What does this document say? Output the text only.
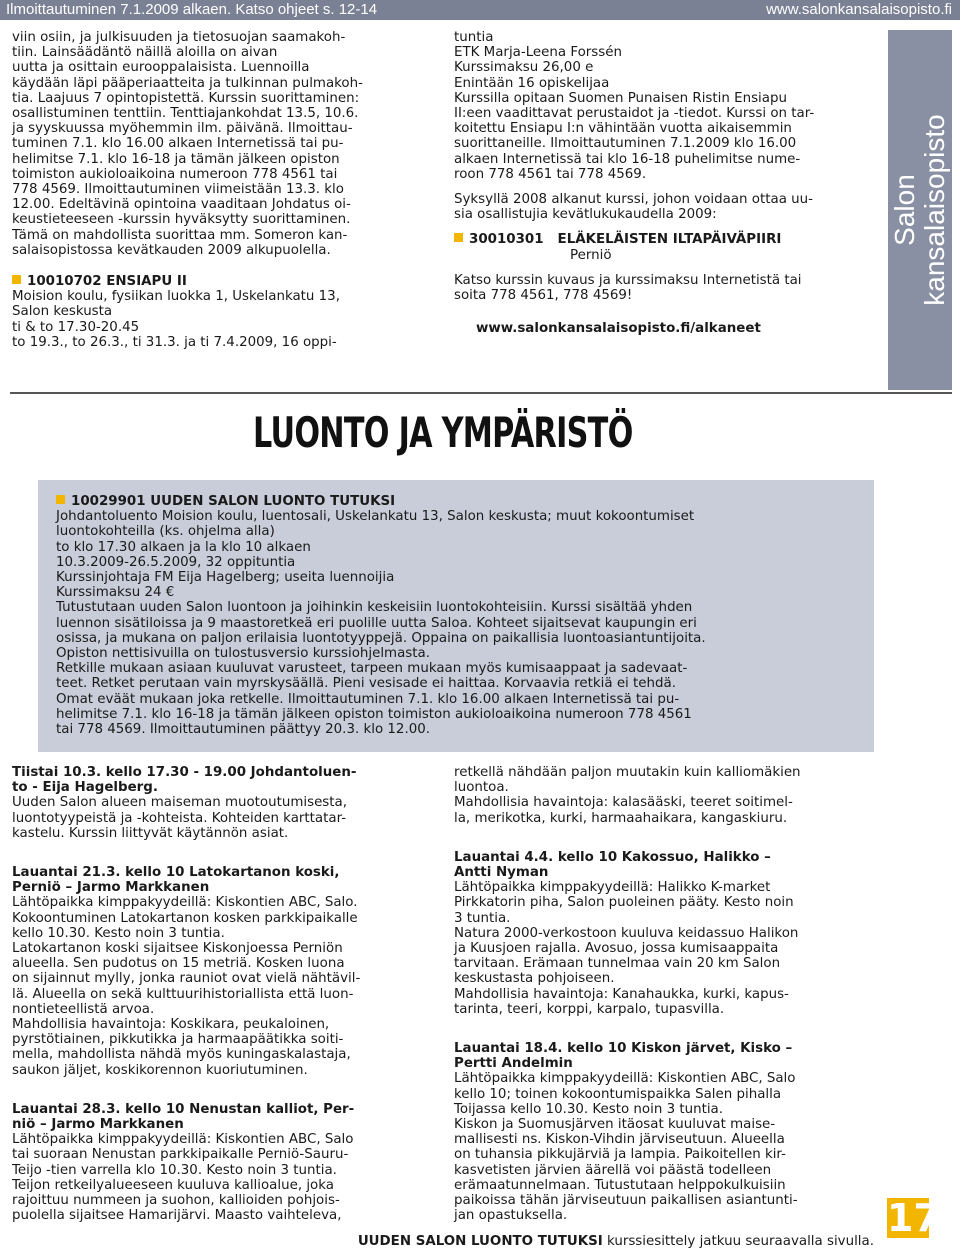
Ilmoittautuminen 7.1.2009 alkaen. Katso ohjeet s. 12-14	www.salonkansalaisopisto.fi
viin osiin, ja julkisuuden ja tietosuojan saamakoh-
tiin. Lainsäädäntö näillä aloilla on aivan
uutta ja osittain eurooppalaisista. Luennoilla
käydään läpi pääperiaatteita ja tulkinnan pulmakoh-
tia. Laajuus 7 opintopistettä. Kurssin suorittaminen:
osallistuminen tenttiin. Tenttiajankohdat 13.5, 10.6.
ja syyskuussa myöhemmin ilm. päivänä. Ilmoittau-
tuminen 7.1. klo 16.00 alkaen Internetissä tai pu-
helimitse 7.1. klo 16-18 ja tämän jälkeen opiston
toimiston aukioloaikoina numeroon 778 4561 tai
778 4569. Ilmoittautuminen viimeistään 13.3. klo
12.00. Edeltävinä opintoina vaaditaan Johdatus oi-
keustieteeseen -kurssin hyväksytty suorittaminen.
Tämä on mahdollista suorittaa mm. Someron kan-
salaisopistossa kevätkauden 2009 alkupuolella.
10010702 ENSIAPU II
Moision koulu, fysiikan luokka 1, Uskelankatu 13,
Salon keskusta
ti & to 17.30-20.45
to 19.3., to 26.3., ti 31.3. ja ti 7.4.2009, 16 oppi-
tuntia
ETK Marja-Leena Forssén
Kurssimaksu 26,00 e
Enintään 16 opiskelijaa
Kurssilla opitaan Suomen Punaisen Ristin Ensiapu
II:een vaadittavat perustaidot ja -tiedot. Kurssi on tar-
koitettu Ensiapu I:n vähintään vuotta aikaisemmin
suorittaneille. Ilmoittautuminen 7.1.2009 klo 16.00
alkaen Internetissä tai klo 16-18 puhelimitse nume-
roon 778 4561 tai 778 4569.
Syksyllä 2008 alkanut kurssi, johon voidaan ottaa uu-
sia osallistujia kevätlukukaudella 2009:
30010301 ELÄKELÄISTEN ILTAPÄIVÄPIIRI
Perniö
Katso kurssin kuvaus ja kurssimaksu Internetistä tai
soita 778 4561, 778 4569!
www.salonkansalaisopisto.fi/alkaneet
Salon kansalaisopisto
LUONTO JA YMPÄRISTÖ
10029901 UUDEN SALON LUONTO TUTUKSI
Johdantoluento Moision koulu, luentosali, Uskelankatu 13, Salon keskusta; muut kokoontumiset
luontokohteilla (ks. ohjelma alla)
to klo 17.30 alkaen ja la klo 10 alkaen
10.3.2009-26.5.2009, 32 oppituntia
Kurssinjohtaja FM Eija Hagelberg; useita luennoijia
Kurssimaksu 24 €
Tutustutaan uuden Salon luontoon ja joihinkin keskeisiin luontokohteisiin. Kurssi sisältää yhden
luennon sisätiloissa ja 9 maastoretkeä eri puolille uutta Saloa. Kohteet sijaitsevat kaupungin eri
osissa, ja mukana on paljon erilaisia luontotyyppejä. Oppaina on paikallisia luontoasiantuntijoita.
Opiston nettisivuilla on tulostusversio kurssiohjelmasta.
Retkille mukaan asiaan kuuluvat varusteet, tarpeen mukaan myös kumisaappaat ja sadevaat-
teet. Retket perutaan vain myrskysäällä. Pieni vesisade ei haittaa. Korvaavia retkiä ei tehdä.
Omat eväät mukaan joka retkelle. Ilmoittautuminen 7.1. klo 16.00 alkaen Internetissä tai pu-
helimitse 7.1. klo 16-18 ja tämän jälkeen opiston toimiston aukioloaikoina numeroon 778 4561
tai 778 4569. Ilmoittautuminen päättyy 20.3. klo 12.00.
Tiistai 10.3. kello 17.30 - 19.00 Johdantoluen-
to - Eija Hagelberg.
Uuden Salon alueen maiseman muotoutumisesta,
luontotyypeistä ja -kohteista. Kohteiden karttatar-
kastelu. Kurssin liittyvät käytännön asiat.
Lauantai 21.3. kello 10 Latokartanon koski,
Perniö – Jarmo Markkanen
Lähtöpaikka kimppakyydeillä: Kiskontien ABC, Salo.
Kokoontuminen Latokartanon kosken parkkipaikalle
kello 10.30. Kesto noin 3 tuntia.
Latokartanon koski sijaitsee Kiskonjoessa Perniön
alueella. Sen pudotus on 15 metriä. Kosken luona
on sijainnut mylly, jonka rauniot ovat vielä nähtävil-
lä. Alueella on sekä kulttuurihistoriallista että luon-
nontieteellistä arvoa.
Mahdollisia havaintoja: Koskikara, peukaloinen,
pyrstötiainen, pikkutikka ja harmaapäätikka soiti-
mella, mahdollista nähdä myös kuningaskalastaja,
saukon jäljet, koskikorennon kuoriutuminen.
Lauantai 28.3. kello 10 Nenustan kalliot, Per-
niö – Jarmo Markkanen
Lähtöpaikka kimppakyydeillä: Kiskontien ABC, Salo
tai suoraan Nenustan parkkipaikalle Perniö-Sauru-
Teijo -tien varrella klo 10.30. Kesto noin 3 tuntia.
Teijon retkeilyalueeseen kuuluva kallioalue, joka
rajoittuu nummeen ja suohon, kallioiden pohjois-
puolella sijaitsee Hamarijärvi. Maasto vaihteleva,
retkellä nähdään paljon muutakin kuin kalliomäkien
luontoa.
Mahdollisia havaintoja: kalasääski, teeret soitimel-
la, merikotka, kurki, harmaahaikara, kangaskiuru.
Lauantai 4.4. kello 10 Kakossuo, Halikko –
Antti Nyman
Lähtöpaikka kimppakyydeillä: Halikko K-market
Pirkkatorin piha, Salon puoleinen pääty. Kesto noin
3 tuntia.
Natura 2000-verkostoon kuuluva keidassuo Halikon
ja Kuusjoen rajalla. Avosuo, jossa kumisaappaita
tarvitaan. Erämaan tunnelmaa vain 20 km Salon
keskustasta pohjoiseen.
Mahdollisia havaintoja: Kanahaukka, kurki, kapus-
tarinta, teeri, korppi, karpalo, tupasvilla.
Lauantai 18.4. kello 10 Kiskon järvet, Kisko –
Pertti Andelmin
Lähtöpaikka kimppakyydeillä: Kiskontien ABC, Salo
kello 10; toinen kokoontumispaikka Salen pihalla
Toijassa kello 10.30. Kesto noin 3 tuntia.
Kiskon ja Suomusjärven itäosat kuuluvat maise-
mallisesti ns. Kiskon-Vihdin järviseutuun. Alueella
on tuhansia pikkujärviä ja lampia. Paikoitellen kir-
kasvetisten järvien äärellä voi päästä todelleen
erämaatunnelmaan. Tutustutaan helppokulkuisiin
paikoissa tähän järviseutuun paikallisen asiantunti-
jan opastuksella.	17
UUDEN SALON LUONTO TUTUKSI kurssiesittely jatkuu seuraavalla sivulla.
